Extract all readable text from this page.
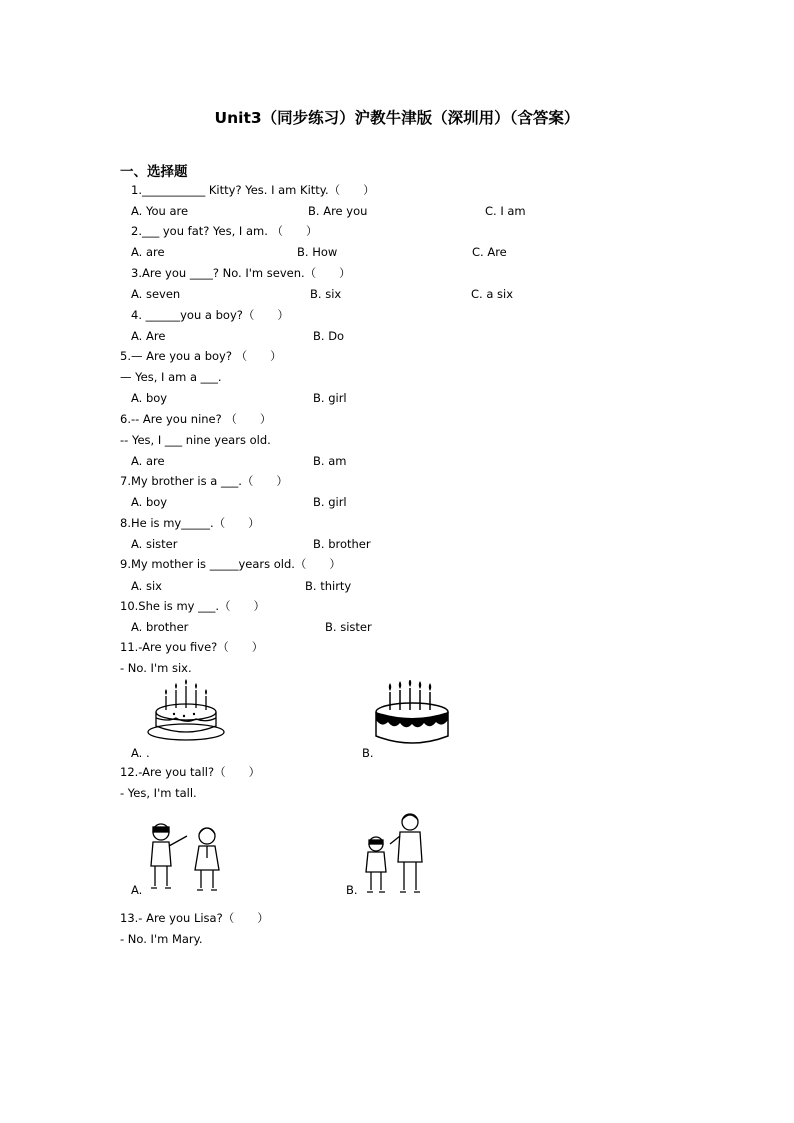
Unit3（同步练习）沪教牛津版（深圳用）（含答案）
一、选择题
1.___________ Kitty? Yes. I am Kitty.（　　）
A. You are	B. Are you	C. I am
2.___ you fat? Yes, I am. （　　）
A. are	B. How	C. Are
3.Are you ____? No. I'm seven.（　　）
A. seven	B. six	C. a six
4. ______you a boy?（　　）
A. Are	B. Do
5.— Are you a boy? （　　）
— Yes, I am a ___.
A. boy	B. girl
6.-- Are you nine? （　　）
-- Yes, I ___ nine years old.
A. are	B. am
7.My brother is a ___.（　　）
A. boy	B. girl
8.He is my_____.（　　）
A. sister	B. brother
9.My mother is _____years old.（　　）
A. six	B. thirty
10.She is my ___.（　　）
A. brother	B. sister
11.-Are you five?（　　）
- No. I'm six.
A. .	B.
12.-Are you tall?（　　）
- Yes, I'm tall.
A.	B.
13.- Are you Lisa?（　　）
- No. I'm Mary.
